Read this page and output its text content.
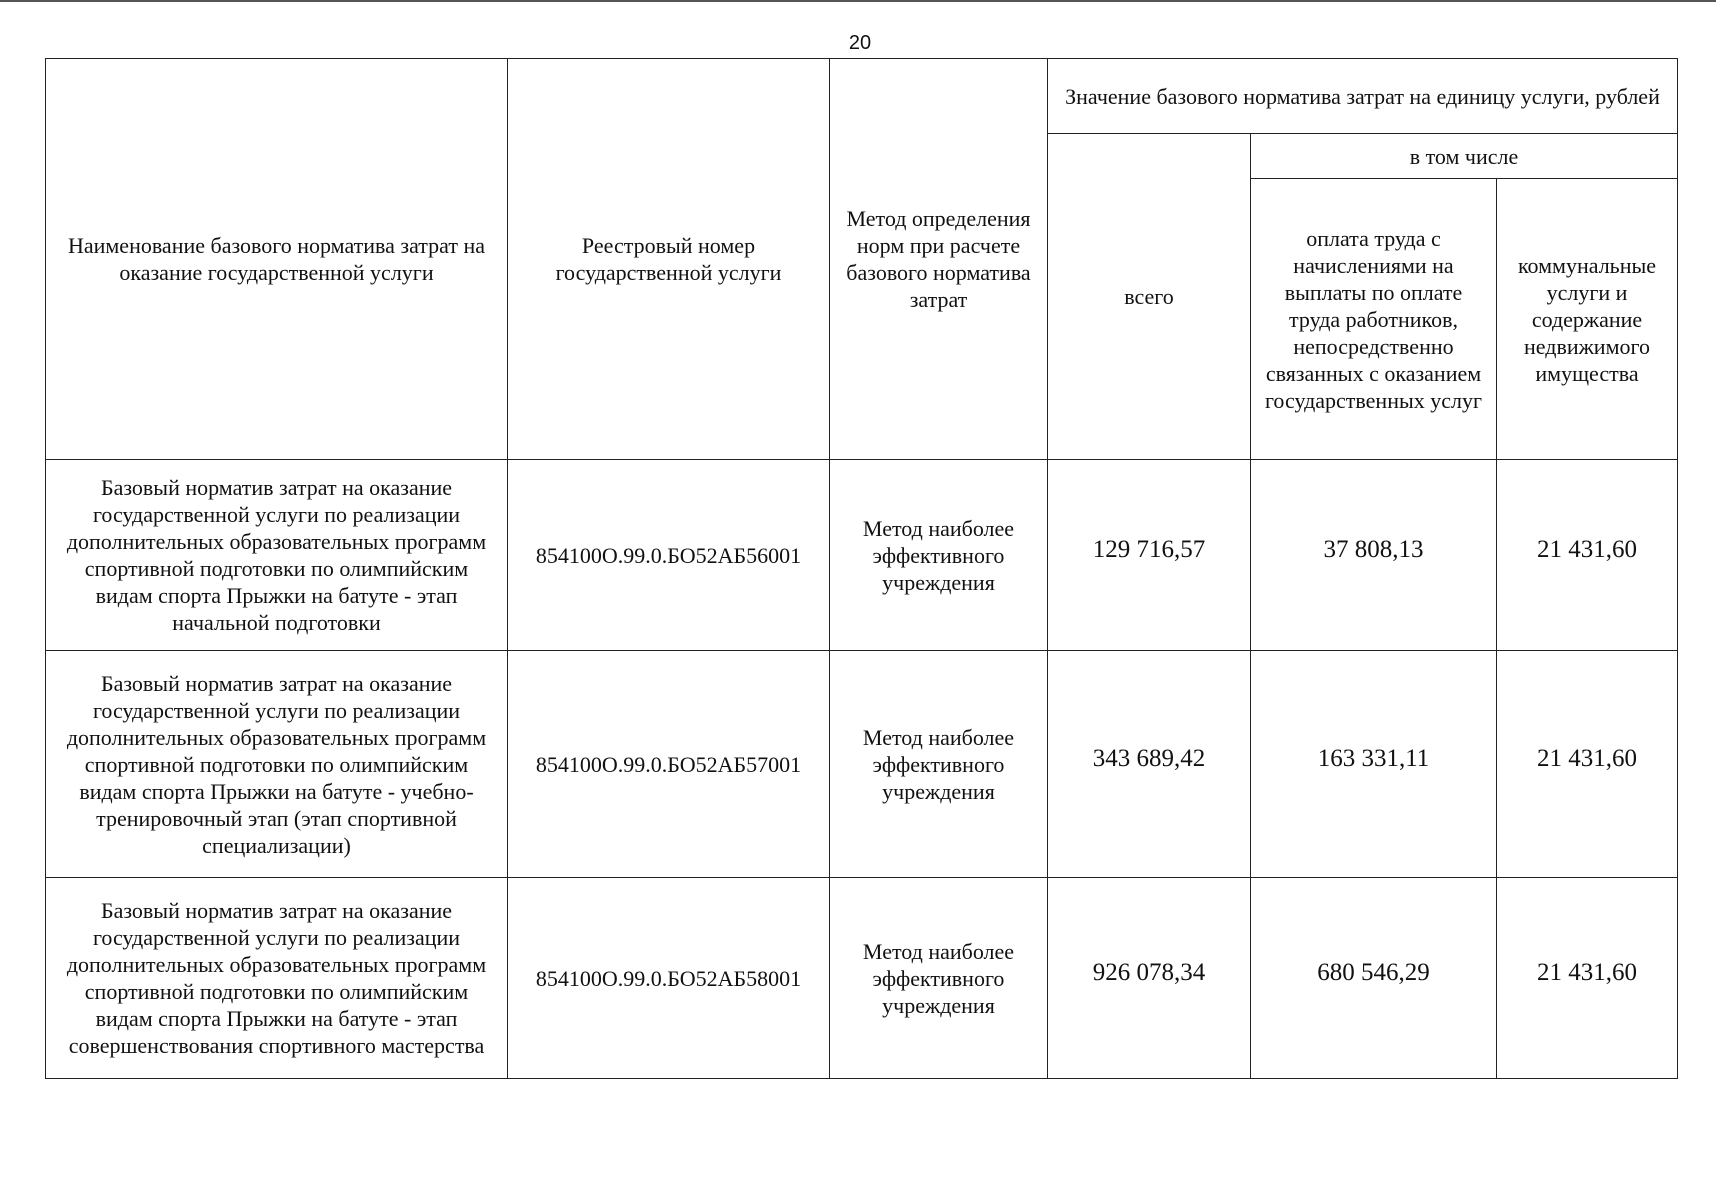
20
Наименование базового норматива затрат на оказание государственной услуги	Реестровый номер государственной услуги	Метод определения норм при расчете базового норматива затрат	Значение базового норматива затрат на единицу услуги, рублей		
			всего	в том числе	
				оплата труда с начислениями на выплаты по оплате труда работников, непосредственно связанных с оказанием государственных услуг	коммунальные услуги и содержание недвижимого имущества
Базовый норматив затрат на оказание государственной услуги по реализации дополнительных образовательных программ спортивной подготовки по олимпийским видам спорта Прыжки на батуте - этап начальной подготовки	854100О.99.0.БО52АБ56001	Метод наиболее эффективного учреждения	129 716,57	37 808,13	21 431,60
Базовый норматив затрат на оказание государственной услуги по реализации дополнительных образовательных программ спортивной подготовки по олимпийским видам спорта Прыжки на батуте - учебно-тренировочный этап (этап спортивной специализации)	854100О.99.0.БО52АБ57001	Метод наиболее эффективного учреждения	343 689,42	163 331,11	21 431,60
Базовый норматив затрат на оказание государственной услуги по реализации дополнительных образовательных программ спортивной подготовки по олимпийским видам спорта Прыжки на батуте - этап совершенствования спортивного мастерства	854100О.99.0.БО52АБ58001	Метод наиболее эффективного учреждения	926 078,34	680 546,29	21 431,60
